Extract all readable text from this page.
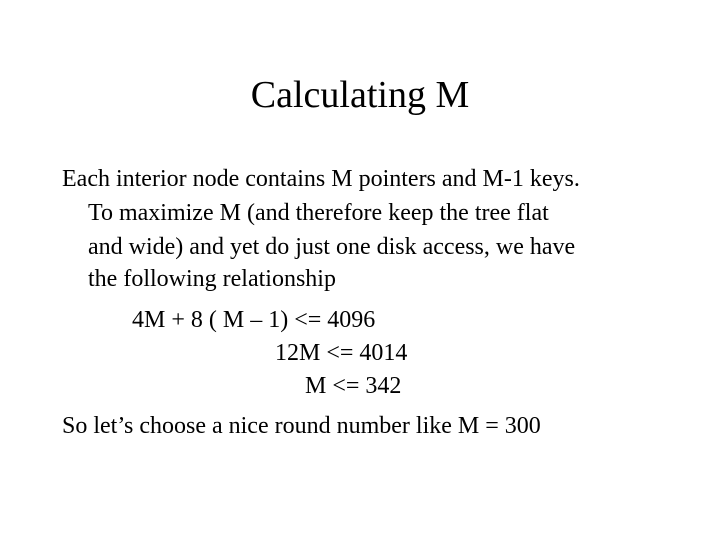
Calculating M
Each interior node contains M pointers and M-1 keys.
To maximize M (and therefore keep the tree flat
and wide) and yet do just one disk access, we have
the following relationship
4M + 8 ( M – 1) <= 4096
12M <= 4014
M <= 342
So let’s choose a nice round number like M = 300
